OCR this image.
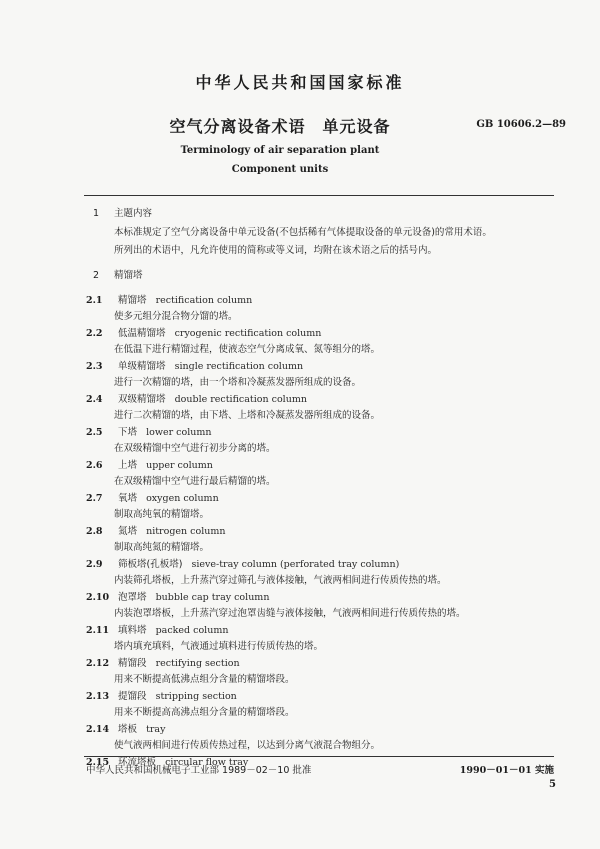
中华人民共和国国家标准
空气分离设备术语　单元设备	GB 10606.2—89
Terminology of air separation plant
Component units
1 主题内容
本标准规定了空气分离设备中单元设备(不包括稀有气体提取设备的单元设备)的常用术语。
所列出的术语中，凡允许使用的简称或等义词，均附在该术语之后的括号内。
2 精馏塔
2.1 精馏塔 rectification column
使多元组分混合物分馏的塔。
2.2 低温精馏塔 cryogenic rectification column
在低温下进行精馏过程，使液态空气分离成氧、氮等组分的塔。
2.3 单级精馏塔 single rectification column
进行一次精馏的塔，由一个塔和冷凝蒸发器所组成的设备。
2.4 双级精馏塔 double rectification column
进行二次精馏的塔，由下塔、上塔和冷凝蒸发器所组成的设备。
2.5 下塔 lower column
在双级精馏中空气进行初步分离的塔。
2.6 上塔 upper column
在双级精馏中空气进行最后精馏的塔。
2.7 氧塔 oxygen column
制取高纯氧的精馏塔。
2.8 氮塔 nitrogen column
制取高纯氮的精馏塔。
2.9 筛板塔(孔板塔) sieve-tray column (perforated tray column)
内装筛孔塔板，上升蒸汽穿过筛孔与液体接触，气液两相间进行传质传热的塔。
2.10 泡罩塔 bubble cap tray column
内装泡罩塔板，上升蒸汽穿过泡罩齿缝与液体接触，气液两相间进行传质传热的塔。
2.11 填料塔 packed column
塔内填充填料，气液通过填料进行传质传热的塔。
2.12 精馏段 rectifying section
用来不断提高低沸点组分含量的精馏塔段。
2.13 提馏段 stripping section
用来不断提高高沸点组分含量的精馏塔段。
2.14 塔板 tray
使气液两相间进行传质传热过程，以达到分离气液混合物组分。
2.15 环流塔板 circular flow tray
中华人民共和国机械电子工业部 1989－02－10 批准	1990－01－01 实施
5
